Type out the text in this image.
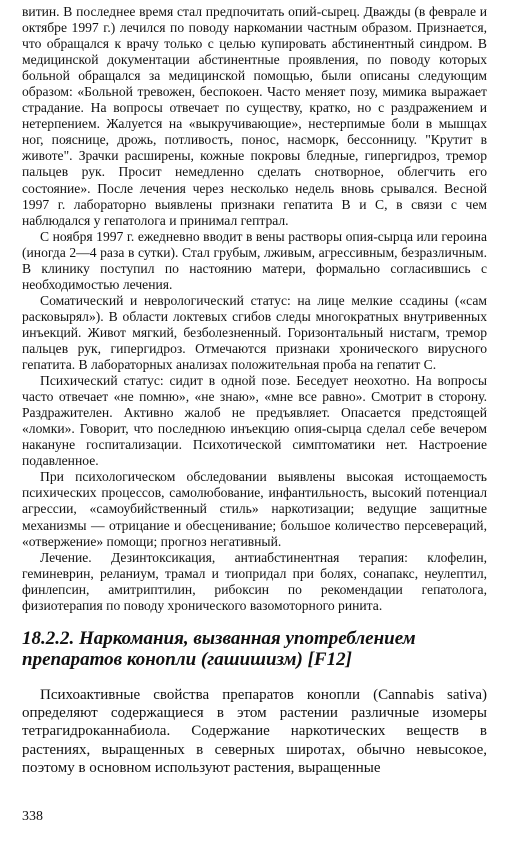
витин. В последнее время стал предпочитать опий-сырец. Дважды (в феврале и октябре 1997 г.) лечился по поводу наркомании частным образом. Признается, что обращался к врачу только с целью купировать абстинентный синдром. В медицинской документации абстинентные проявления, по поводу которых больной обращался за медицинской помощью, были описаны следующим образом: «Больной тревожен, беспокоен. Часто меняет позу, мимика выражает страдание. На вопросы отвечает по существу, кратко, но с раздражением и нетерпением. Жалуется на «выкручивающие», нестерпимые боли в мышцах ног, пояснице, дрожь, потливость, понос, насморк, бессонницу. "Крутит в животе". Зрачки расширены, кожные покровы бледные, гипергидроз, тремор пальцев рук. Просит немедленно сделать снотворное, облегчить его состояние». После лечения через несколько недель вновь срывался. Весной 1997 г. лабораторно выявлены признаки гепатита В и С, в связи с чем наблюдался у гепатолога и принимал гептрал.

С ноября 1997 г. ежедневно вводит в вены растворы опия-сырца или героина (иногда 2—4 раза в сутки). Стал грубым, лживым, агрессивным, безразличным. В клинику поступил по настоянию матери, формально согласившись с необходимостью лечения.

Соматический и неврологический статус: на лице мелкие ссадины («сам расковырял»). В области локтевых сгибов следы многократных внутривенных инъекций. Живот мягкий, безболезненный. Горизонтальный нистагм, тремор пальцев рук, гипергидроз. Отмечаются признаки хронического вирусного гепатита. В лабораторных анализах положительная проба на гепатит С.

Психический статус: сидит в одной позе. Беседует неохотно. На вопросы часто отвечает «не помню», «не знаю», «мне все равно». Смотрит в сторону. Раздражителен. Активно жалоб не предъявляет. Опасается предстоящей «ломки». Говорит, что последнюю инъекцию опия-сырца сделал себе вечером накануне госпитализации. Психотической симптоматики нет. Настроение подавленное.

При психологическом обследовании выявлены высокая истощаемость психических процессов, самолюбование, инфантильность, высокий потенциал агрессии, «самоубийственный стиль» наркотизации; ведущие защитные механизмы — отрицание и обесценивание; большое количество персевераций, «отвержение» помощи; прогноз негативный.

Лечение. Дезинтоксикация, антиабстинентная терапия: клофелин, геминеврин, реланиум, трамал и тиопридал при болях, сонапакс, неулептил, финлепсин, амитриптилин, рибоксин по рекомендации гепатолога, физиотерапия по поводу хронического вазомоторного ринита.

18.2.2. Наркомания, вызванная употреблением препаратов конопли (гашишизм) [F12]

Психоактивные свойства препаратов конопли (Cannabis sativa) определяют содержащиеся в этом растении различные изомеры тетрагидроканнабиола. Содержание наркотических веществ в растениях, выращенных в северных широтах, обычно невысокое, поэтому в основном используют растения, выращенные

338
